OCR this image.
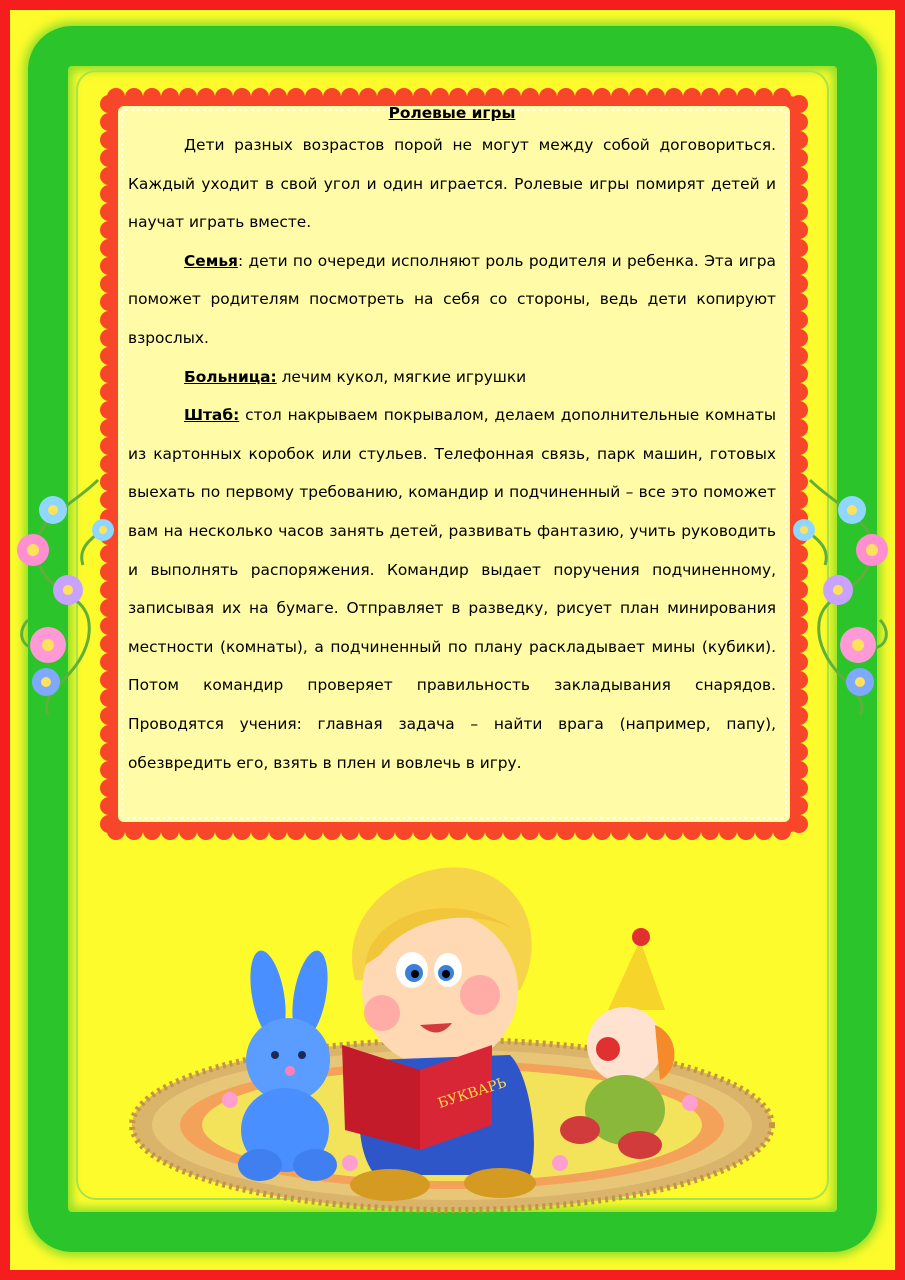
Ролевые игры

Дети разных возрастов порой не могут между собой договориться. Каждый уходит в свой угол и один играется. Ролевые игры помирят детей и научат играть вместе.

Семья: дети по очереди исполняют роль родителя и ребенка. Эта игра поможет родителям посмотреть на себя со стороны, ведь дети копируют взрослых.

Больница: лечим кукол, мягкие игрушки

Штаб: стол накрываем покрывалом, делаем дополнительные комнаты из картонных коробок или стульев. Телефонная связь, парк машин, готовых выехать по первому требованию, командир и подчиненный – все это поможет вам на несколько часов занять детей, развивать фантазию, учить руководить и выполнять распоряжения. Командир выдает поручения подчиненному, записывая их на бумаге. Отправляет в разведку, рисует план минирования местности (комнаты), а подчиненный по плану раскладывает мины (кубики). Потом командир проверяет правильность закладывания снарядов. Проводятся учения: главная задача – найти врага (например, папу), обезвредить его, взять в плен и вовлечь в игру.

БУКВАРЬ
